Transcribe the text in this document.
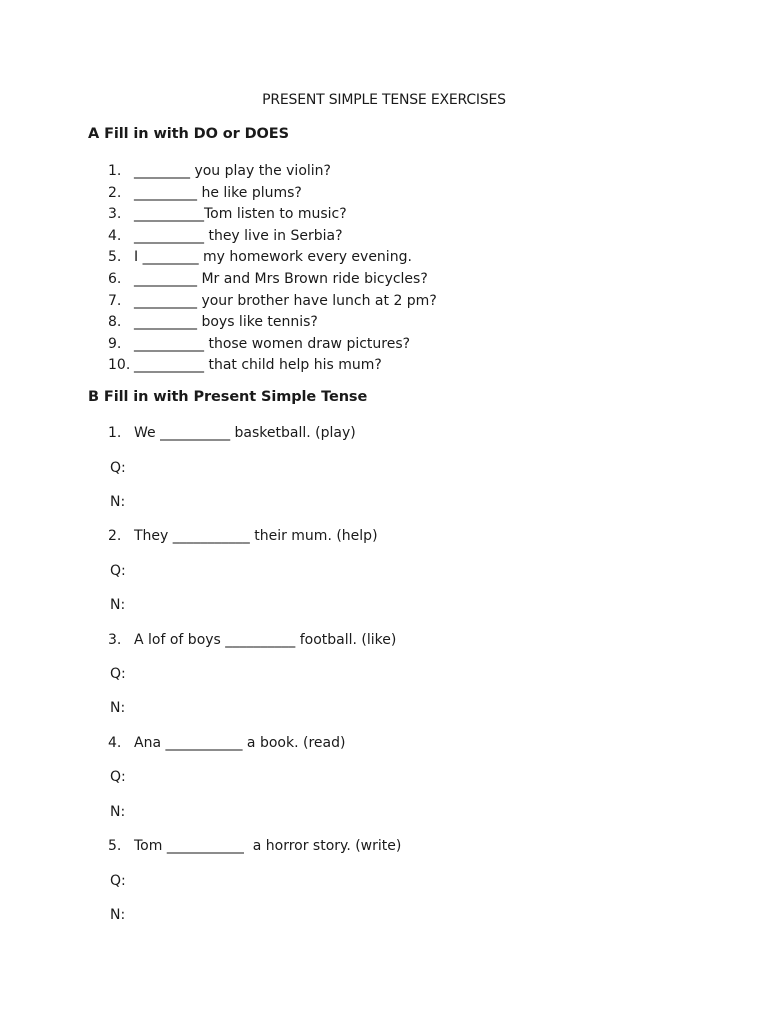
PRESENT SIMPLE TENSE EXERCISES
A Fill in with DO or DOES
1. ________ you play the violin?
2. _________ he like plums?
3. __________Tom listen to music?
4. __________ they live in Serbia?
5. I ________ my homework every evening.
6. _________ Mr and Mrs Brown ride bicycles?
7. _________ your brother have lunch at 2 pm?
8. _________ boys like tennis?
9. __________ those women draw pictures?
10. __________ that child help his mum?
B Fill in with Present Simple Tense
1. We __________ basketball. (play)
Q:
N:
2. They ___________ their mum. (help)
Q:
N:
3. A lof of boys __________ football. (like)
Q:
N:
4. Ana ___________ a book. (read)
Q:
N:
5. Tom ___________  a horror story. (write)
Q:
N:
